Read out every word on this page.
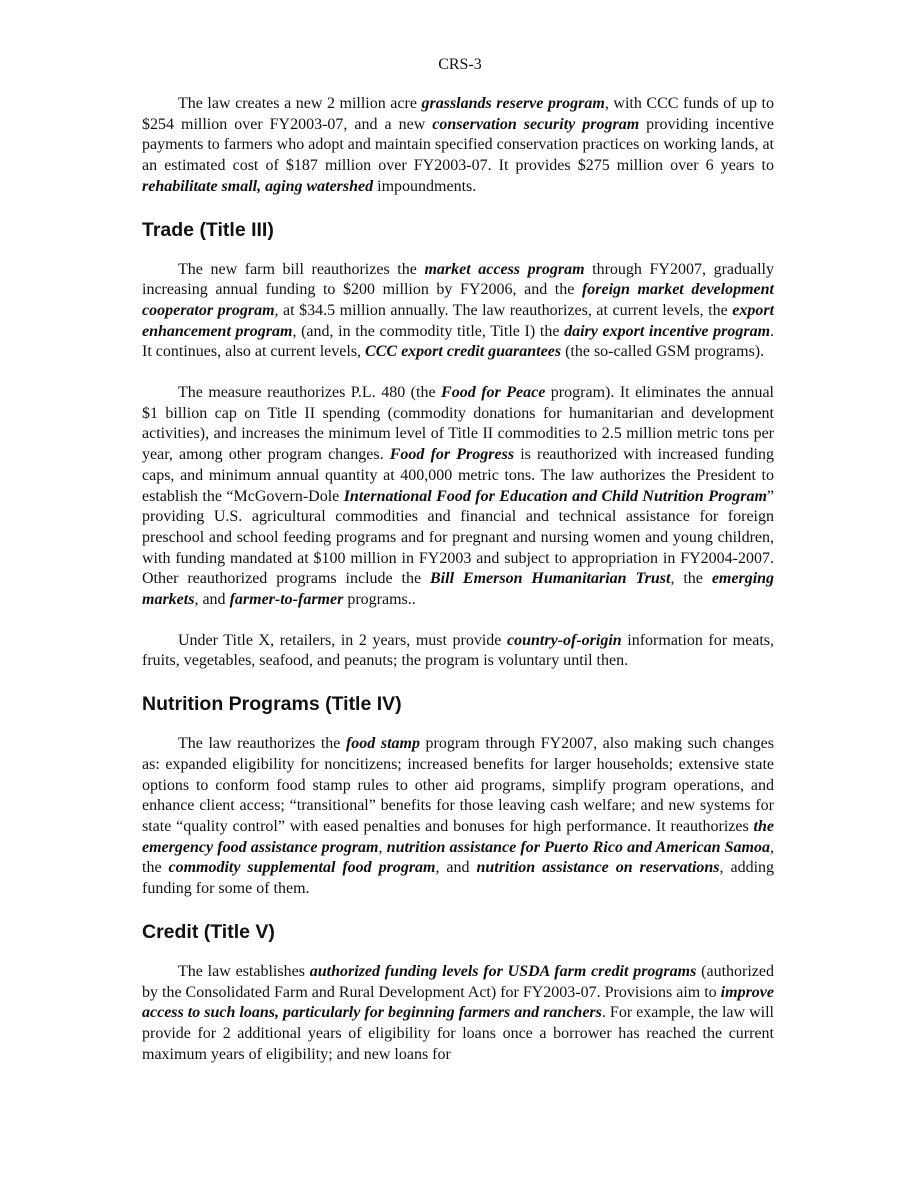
CRS-3

The law creates a new 2 million acre grasslands reserve program, with CCC funds of up to $254 million over FY2003-07, and a new conservation security program providing incentive payments to farmers who adopt and maintain specified conservation practices on working lands, at an estimated cost of $187 million over FY2003-07. It provides $275 million over 6 years to rehabilitate small, aging watershed impoundments.

Trade (Title III)

The new farm bill reauthorizes the market access program through FY2007, gradually increasing annual funding to $200 million by FY2006, and the foreign market development cooperator program, at $34.5 million annually. The law reauthorizes, at current levels, the export enhancement program, (and, in the commodity title, Title I) the dairy export incentive program. It continues, also at current levels, CCC export credit guarantees (the so-called GSM programs).

The measure reauthorizes P.L. 480 (the Food for Peace program). It eliminates the annual $1 billion cap on Title II spending (commodity donations for humanitarian and development activities), and increases the minimum level of Title II commodities to 2.5 million metric tons per year, among other program changes. Food for Progress is reauthorized with increased funding caps, and minimum annual quantity at 400,000 metric tons. The law authorizes the President to establish the “McGovern-Dole International Food for Education and Child Nutrition Program” providing U.S. agricultural commodities and financial and technical assistance for foreign preschool and school feeding programs and for pregnant and nursing women and young children, with funding mandated at $100 million in FY2003 and subject to appropriation in FY2004-2007. Other reauthorized programs include the Bill Emerson Humanitarian Trust, the emerging markets, and farmer-to-farmer programs..

Under Title X, retailers, in 2 years, must provide country-of-origin information for meats, fruits, vegetables, seafood, and peanuts; the program is voluntary until then.

Nutrition Programs (Title IV)

The law reauthorizes the food stamp program through FY2007, also making such changes as: expanded eligibility for noncitizens; increased benefits for larger households; extensive state options to conform food stamp rules to other aid programs, simplify program operations, and enhance client access; “transitional” benefits for those leaving cash welfare; and new systems for state “quality control” with eased penalties and bonuses for high performance. It reauthorizes the emergency food assistance program, nutrition assistance for Puerto Rico and American Samoa, the commodity supplemental food program, and nutrition assistance on reservations, adding funding for some of them.

Credit (Title V)

The law establishes authorized funding levels for USDA farm credit programs (authorized by the Consolidated Farm and Rural Development Act) for FY2003-07. Provisions aim to improve access to such loans, particularly for beginning farmers and ranchers. For example, the law will provide for 2 additional years of eligibility for loans once a borrower has reached the current maximum years of eligibility; and new loans for
